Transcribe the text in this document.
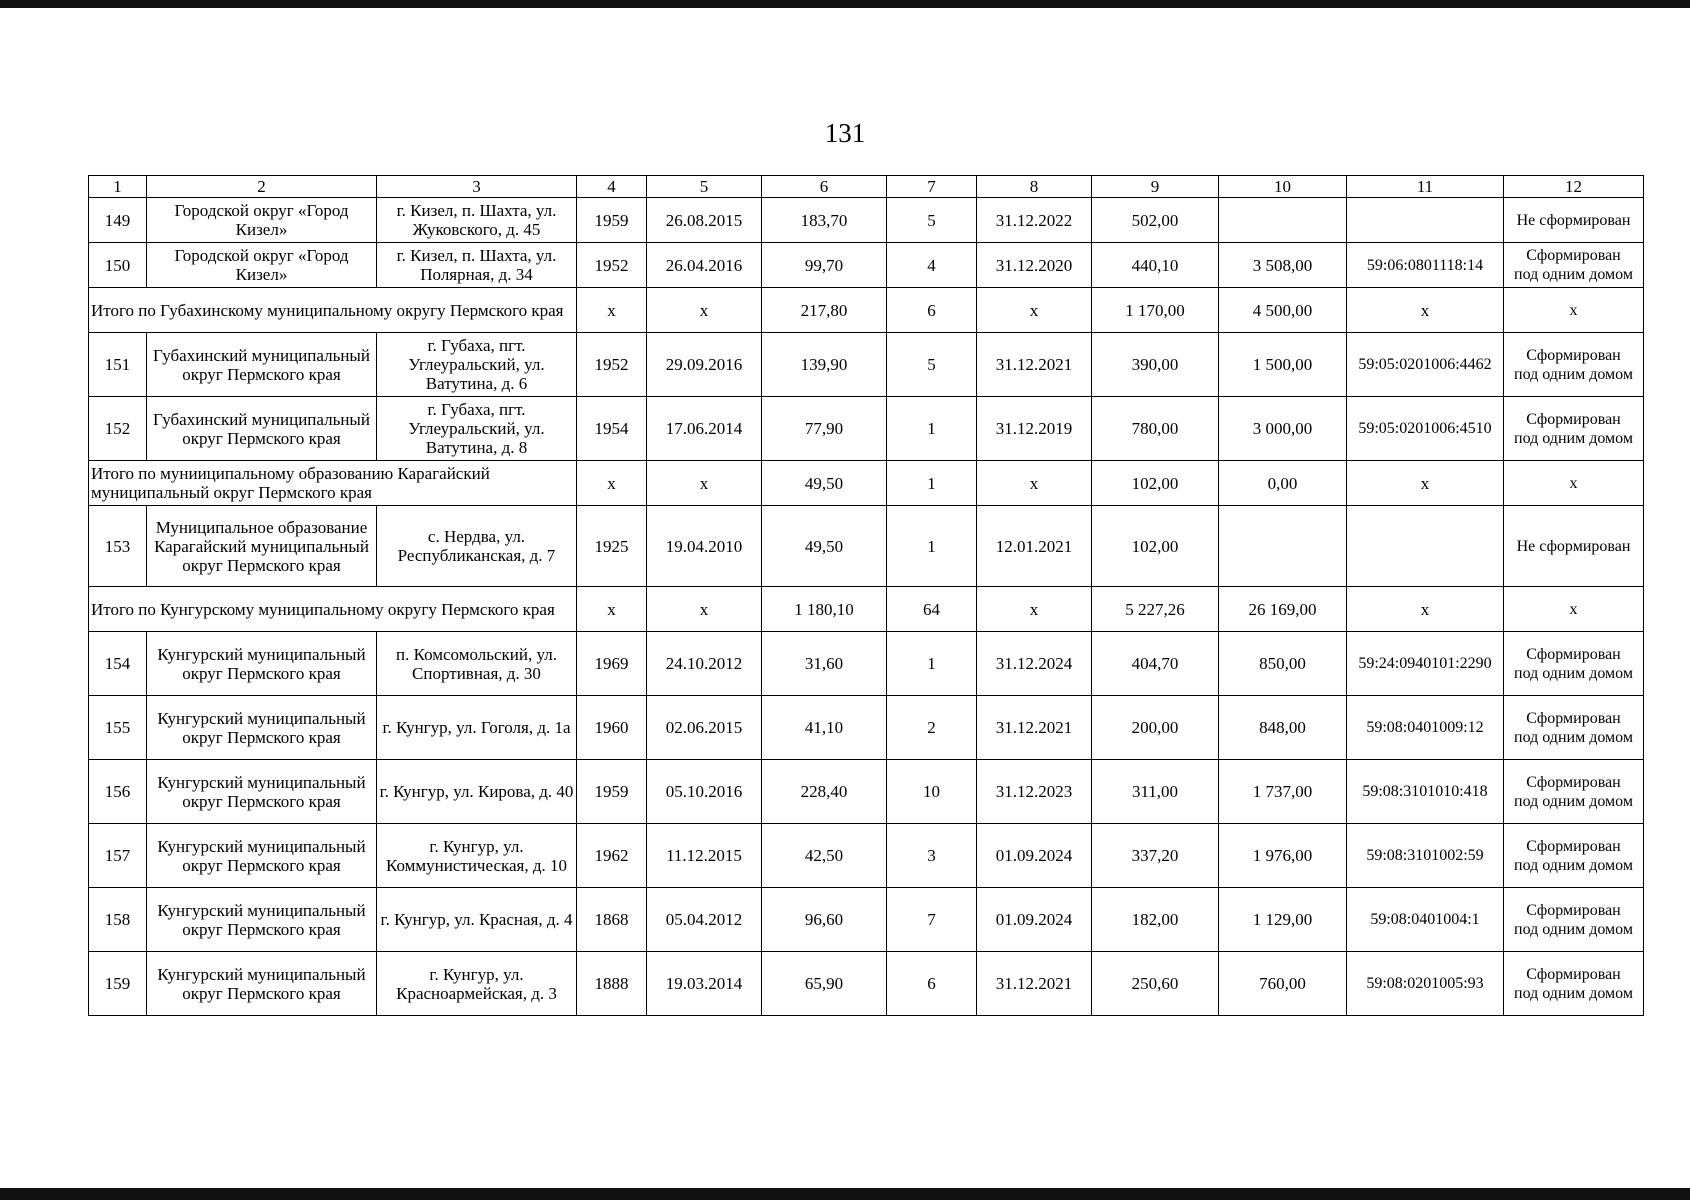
131
1	2	3	4	5	6	7	8	9	10	11	12
149	Городской округ «Город Кизел»	г. Кизел, п. Шахта, ул. Жуковского, д. 45	1959	26.08.2015	183,70	5	31.12.2022	502,00			Не сформирован
150	Городской округ «Город Кизел»	г. Кизел, п. Шахта, ул. Полярная, д. 34	1952	26.04.2016	99,70	4	31.12.2020	440,10	3 508,00	59:06:0801118:14	Сформирован
под одним домом
Итого по Губахинскому муниципальному округу Пермского края			х	х	217,80	6	х	1 170,00	4 500,00	х	х
151	Губахинский муниципальный округ Пермского края	г. Губаха, пгт. Углеуральский, ул. Ватутина, д. 6	1952	29.09.2016	139,90	5	31.12.2021	390,00	1 500,00	59:05:0201006:4462	Сформирован
под одним домом
152	Губахинский муниципальный округ Пермского края	г. Губаха, пгт. Углеуральский, ул. Ватутина, д. 8	1954	17.06.2014	77,90	1	31.12.2019	780,00	3 000,00	59:05:0201006:4510	Сформирован
под одним домом
Итого по мунииципальному образованию Карагайский муниципальный округ Пермского края			х	х	49,50	1	х	102,00	0,00	х	х
153	Муниципальное образование Карагайский муниципальный округ Пермского края	с. Нердва, ул. Республиканская, д. 7	1925	19.04.2010	49,50	1	12.01.2021	102,00			Не сформирован
Итого по Кунгурскому муниципальному округу Пермского края			х	х	1 180,10	64	х	5 227,26	26 169,00	х	х
154	Кунгурский муниципальный округ Пермского края	п. Комсомольский, ул. Спортивная, д. 30	1969	24.10.2012	31,60	1	31.12.2024	404,70	850,00	59:24:0940101:2290	Сформирован
под одним домом
155	Кунгурский муниципальный округ Пермского края	г. Кунгур, ул. Гоголя, д. 1а	1960	02.06.2015	41,10	2	31.12.2021	200,00	848,00	59:08:0401009:12	Сформирован
под одним домом
156	Кунгурский муниципальный округ Пермского края	г. Кунгур, ул. Кирова, д. 40	1959	05.10.2016	228,40	10	31.12.2023	311,00	1 737,00	59:08:3101010:418	Сформирован
под одним домом
157	Кунгурский муниципальный округ Пермского края	г. Кунгур, ул. Коммунистическая, д. 10	1962	11.12.2015	42,50	3	01.09.2024	337,20	1 976,00	59:08:3101002:59	Сформирован
под одним домом
158	Кунгурский муниципальный округ Пермского края	г. Кунгур, ул. Красная, д. 4	1868	05.04.2012	96,60	7	01.09.2024	182,00	1 129,00	59:08:0401004:1	Сформирован
под одним домом
159	Кунгурский муниципальный округ Пермского края	г. Кунгур, ул. Красноармейская, д. 3	1888	19.03.2014	65,90	6	31.12.2021	250,60	760,00	59:08:0201005:93	Сформирован
под одним домом
